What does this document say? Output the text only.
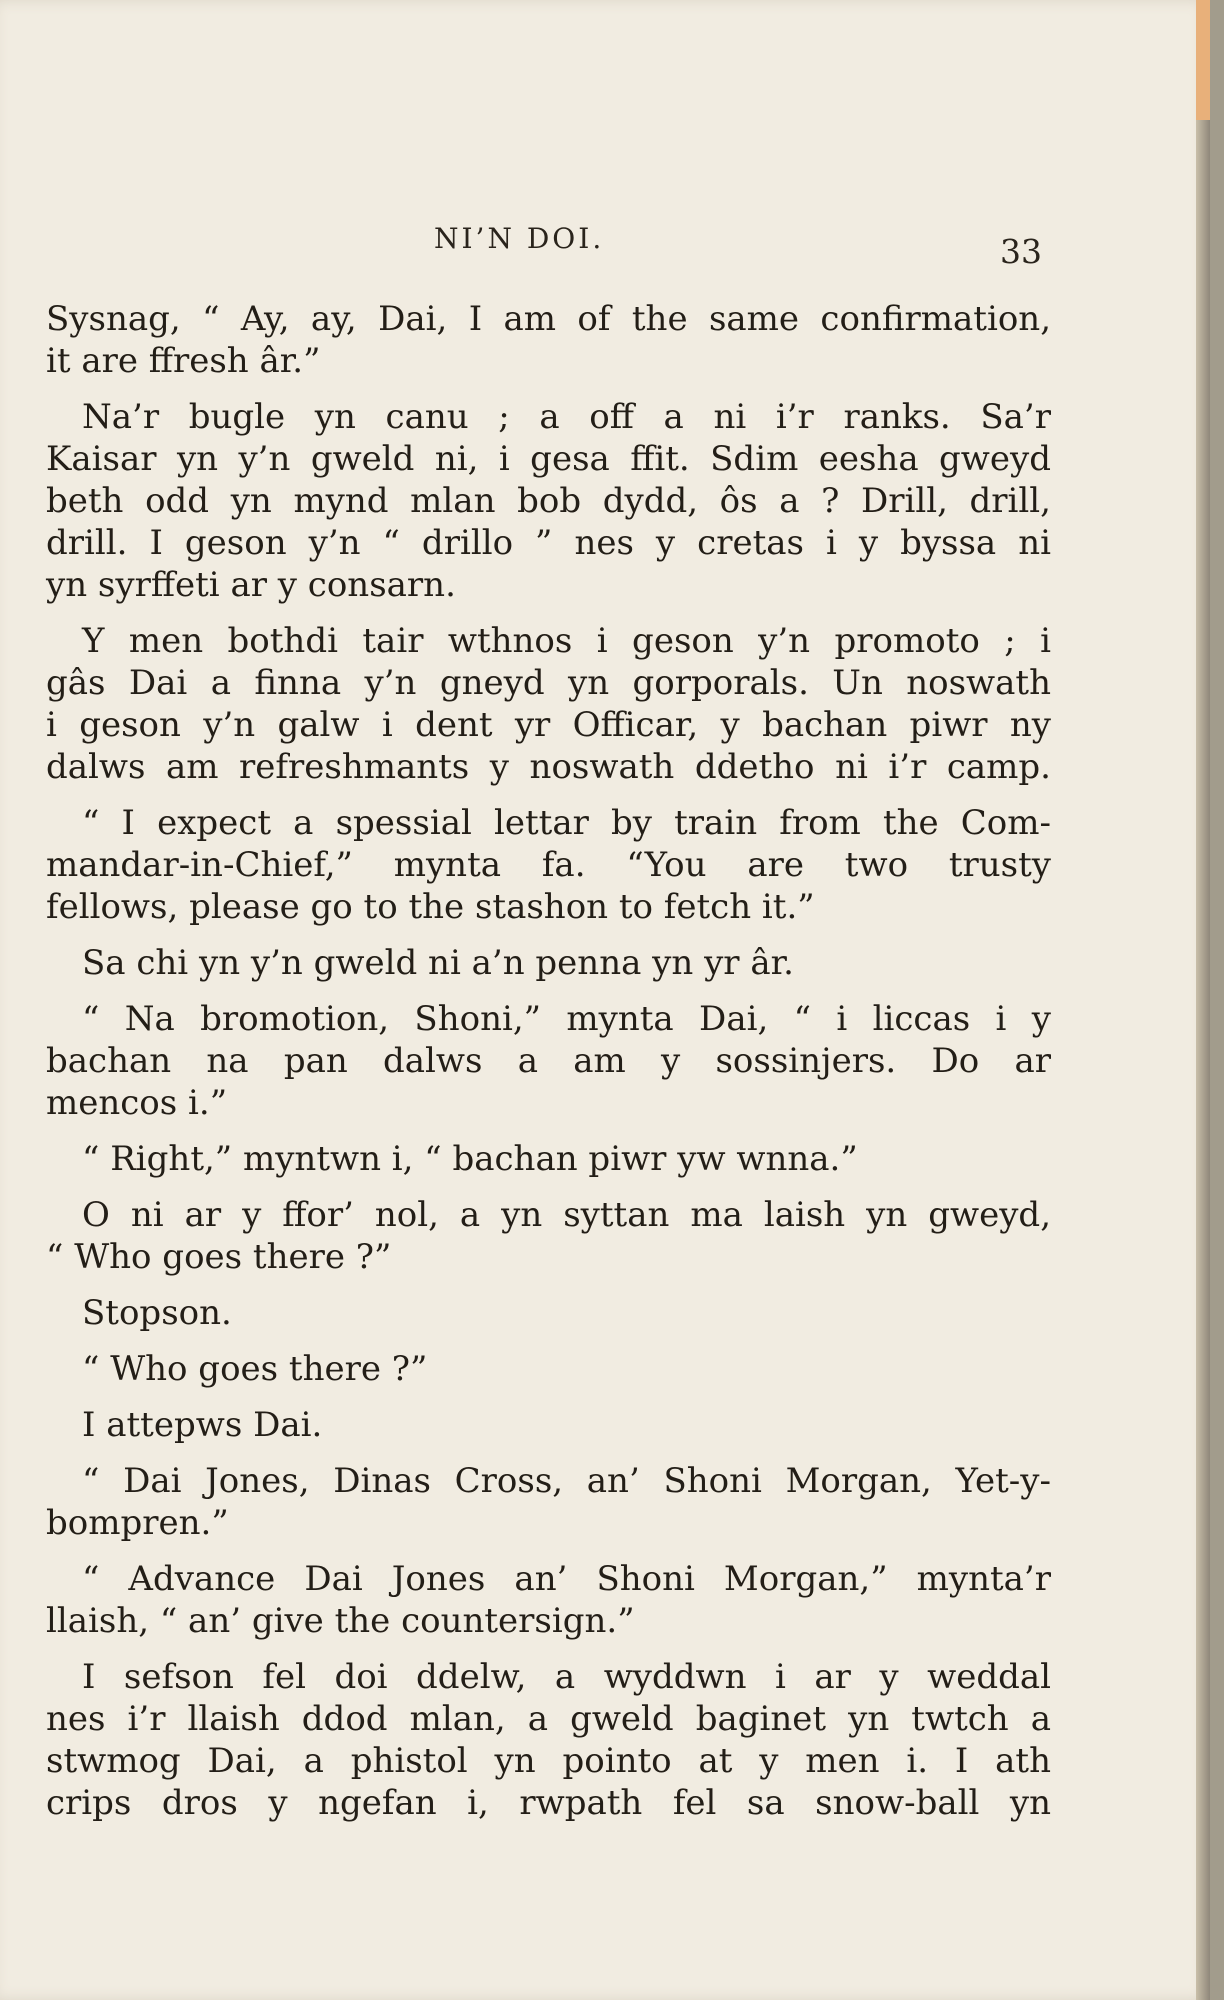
NI’N DOI.	33
Sysnag, “ Ay, ay, Dai, I am of the same confirmation,
it are ffresh âr.”
Na’r bugle yn canu ; a off a ni i’r ranks. Sa’r
Kaisar yn y’n gweld ni, i gesa ffit. Sdim eesha gweyd
beth odd yn mynd mlan bob dydd, ôs a ? Drill, drill,
drill. I geson y’n “ drillo ” nes y cretas i y byssa ni
yn syrffeti ar y consarn.
Y men bothdi tair wthnos i geson y’n promoto ; i
gâs Dai a finna y’n gneyd yn gorporals. Un noswath
i geson y’n galw i dent yr Officar, y bachan piwr ny
dalws am refreshmants y noswath ddetho ni i’r camp.
“ I expect a spessial lettar by train from the Com-
mandar-in-Chief,” mynta fa. “You are two trusty
fellows, please go to the stashon to fetch it.”
Sa chi yn y’n gweld ni a’n penna yn yr âr.
“ Na bromotion, Shoni,” mynta Dai, “ i liccas i y
bachan na pan dalws a am y sossinjers. Do ar
mencos i.”
“ Right,” myntwn i, “ bachan piwr yw wnna.”
O ni ar y ffor’ nol, a yn syttan ma laish yn gweyd,
“ Who goes there ?”
Stopson.
“ Who goes there ?”
I attepws Dai.
“ Dai Jones, Dinas Cross, an’ Shoni Morgan, Yet-y-
bompren.”
“ Advance Dai Jones an’ Shoni Morgan,” mynta’r
llaish, “ an’ give the countersign.”
I sefson fel doi ddelw, a wyddwn i ar y weddal
nes i’r llaish ddod mlan, a gweld baginet yn twtch a
stwmog Dai, a phistol yn pointo at y men i. I ath
crips dros y ngefan i, rwpath fel sa snow-ball yn
